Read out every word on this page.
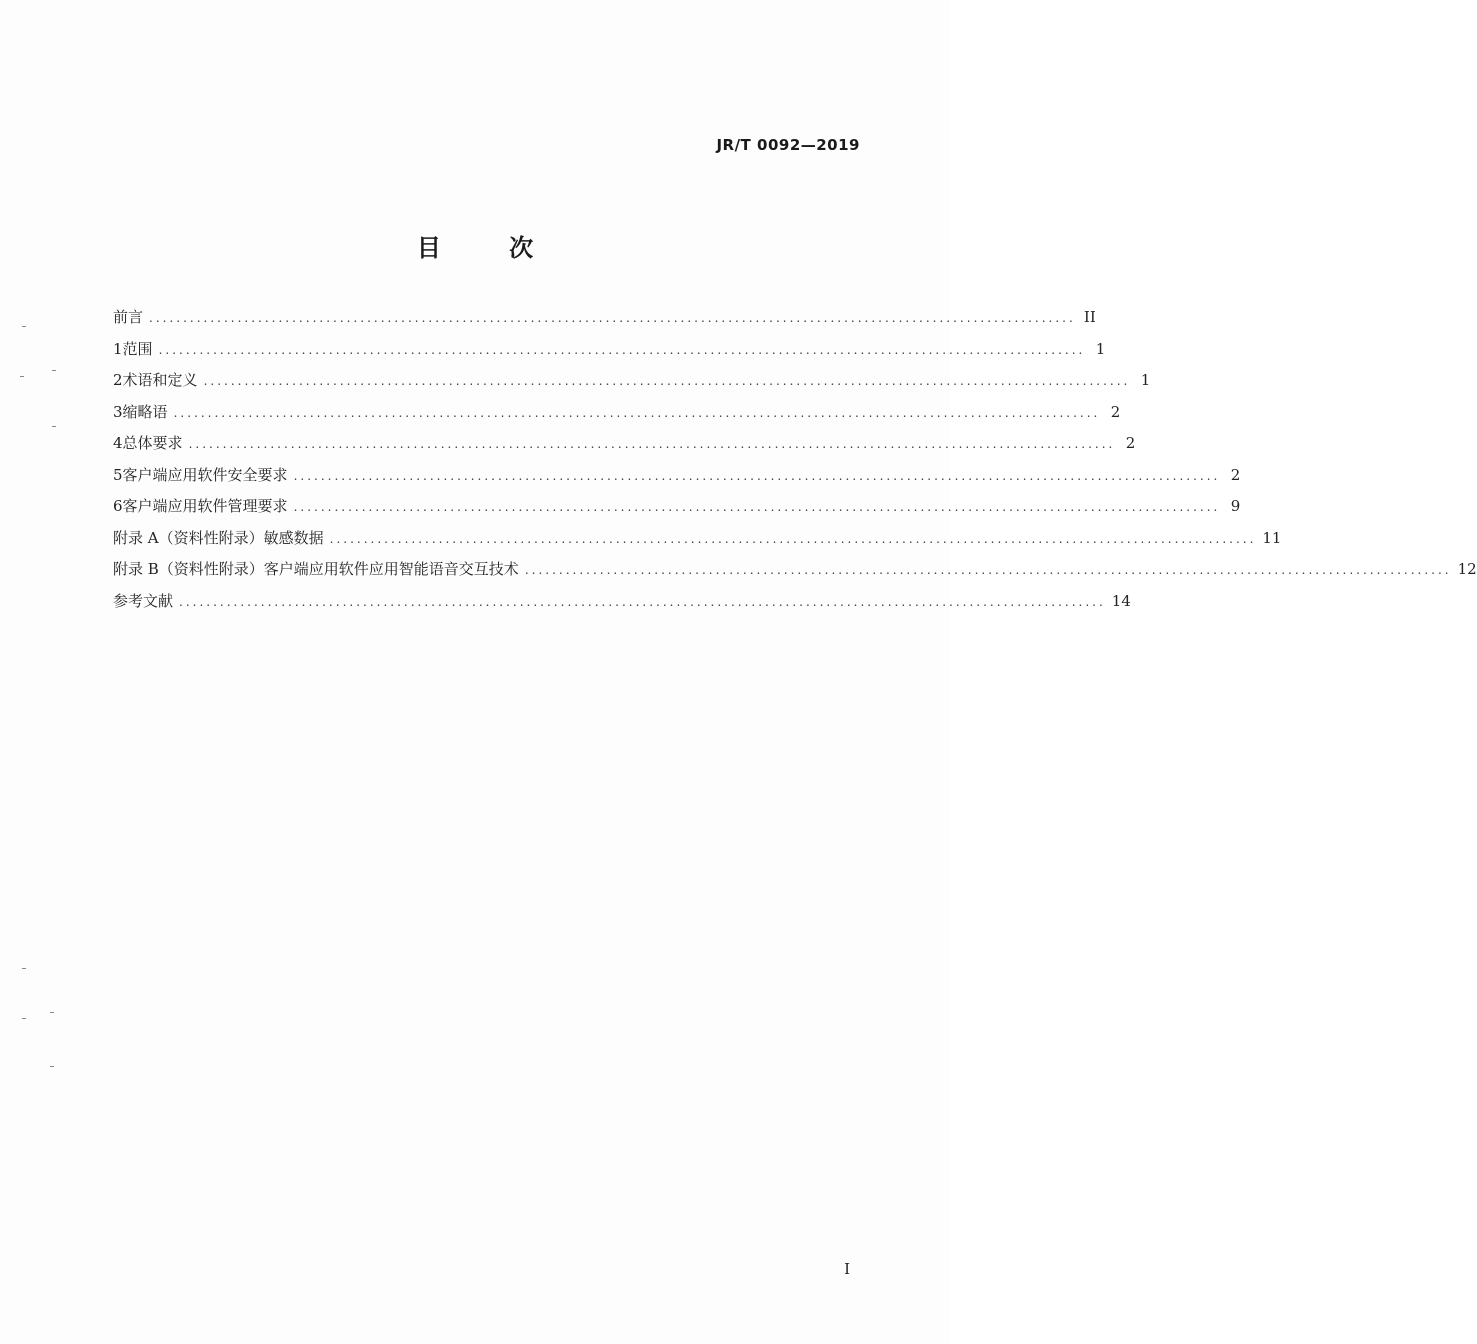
JR/T 0092—2019
目 次
前言 ........................................................................................................................................ II
1 范围 ........................................................................................................................................ 1
2 术语和定义 ........................................................................................................................................ 1
3 缩略语 ........................................................................................................................................ 2
4 总体要求 ........................................................................................................................................ 2
5 客户端应用软件安全要求 ........................................................................................................................................ 2
6 客户端应用软件管理要求 ........................................................................................................................................ 9
附录 A（资料性附录） 敏感数据 ........................................................................................................................................ 11
附录 B（资料性附录） 客户端应用软件应用智能语音交互技术 ........................................................................................................................................ 12
参考文献 ........................................................................................................................................ 14
I
